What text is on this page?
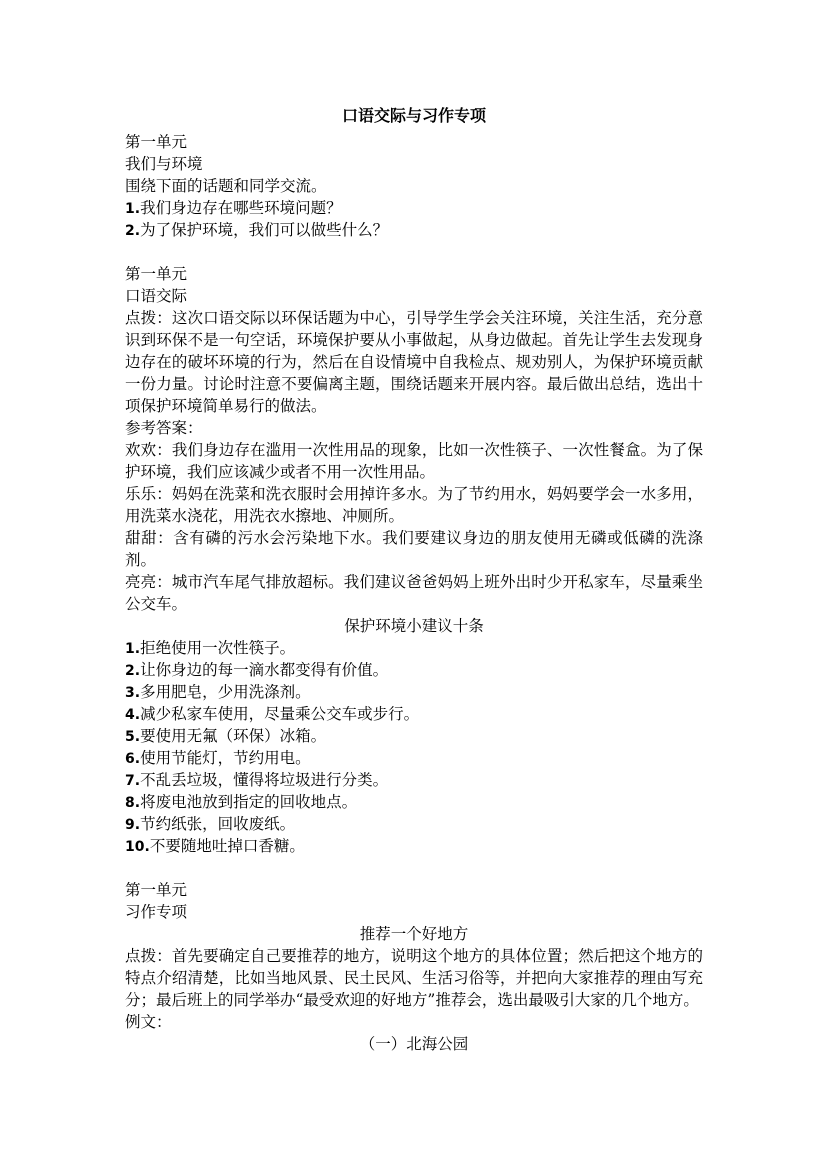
口语交际与习作专项
第一单元
我们与环境
围绕下面的话题和同学交流。
1.我们身边存在哪些环境问题？
2.为了保护环境，我们可以做些什么？
第一单元
口语交际
点拨：这次口语交际以环保话题为中心，引导学生学会关注环境，关注生活，充分意识到环保不是一句空话，环境保护要从小事做起，从身边做起。首先让学生去发现身边存在的破坏环境的行为，然后在自设情境中自我检点、规劝别人，为保护环境贡献一份力量。讨论时注意不要偏离主题，围绕话题来开展内容。最后做出总结，选出十项保护环境简单易行的做法。
参考答案：
欢欢：我们身边存在滥用一次性用品的现象，比如一次性筷子、一次性餐盒。为了保护环境，我们应该减少或者不用一次性用品。
乐乐：妈妈在洗菜和洗衣服时会用掉许多水。为了节约用水，妈妈要学会一水多用，用洗菜水浇花，用洗衣水擦地、冲厕所。
甜甜：含有磷的污水会污染地下水。我们要建议身边的朋友使用无磷或低磷的洗涤剂。
亮亮：城市汽车尾气排放超标。我们建议爸爸妈妈上班外出时少开私家车，尽量乘坐公交车。
保护环境小建议十条
1.拒绝使用一次性筷子。
2.让你身边的每一滴水都变得有价值。
3.多用肥皂，少用洗涤剂。
4.减少私家车使用，尽量乘公交车或步行。
5.要使用无氟（环保）冰箱。
6.使用节能灯，节约用电。
7.不乱丢垃圾，懂得将垃圾进行分类。
8.将废电池放到指定的回收地点。
9.节约纸张，回收废纸。
10.不要随地吐掉口香糖。
第一单元
习作专项
推荐一个好地方
点拨：首先要确定自己要推荐的地方，说明这个地方的具体位置；然后把这个地方的特点介绍清楚，比如当地风景、民土民风、生活习俗等，并把向大家推荐的理由写充分；最后班上的同学举办“最受欢迎的好地方”推荐会，选出最吸引大家的几个地方。
例文：
（一）北海公园
